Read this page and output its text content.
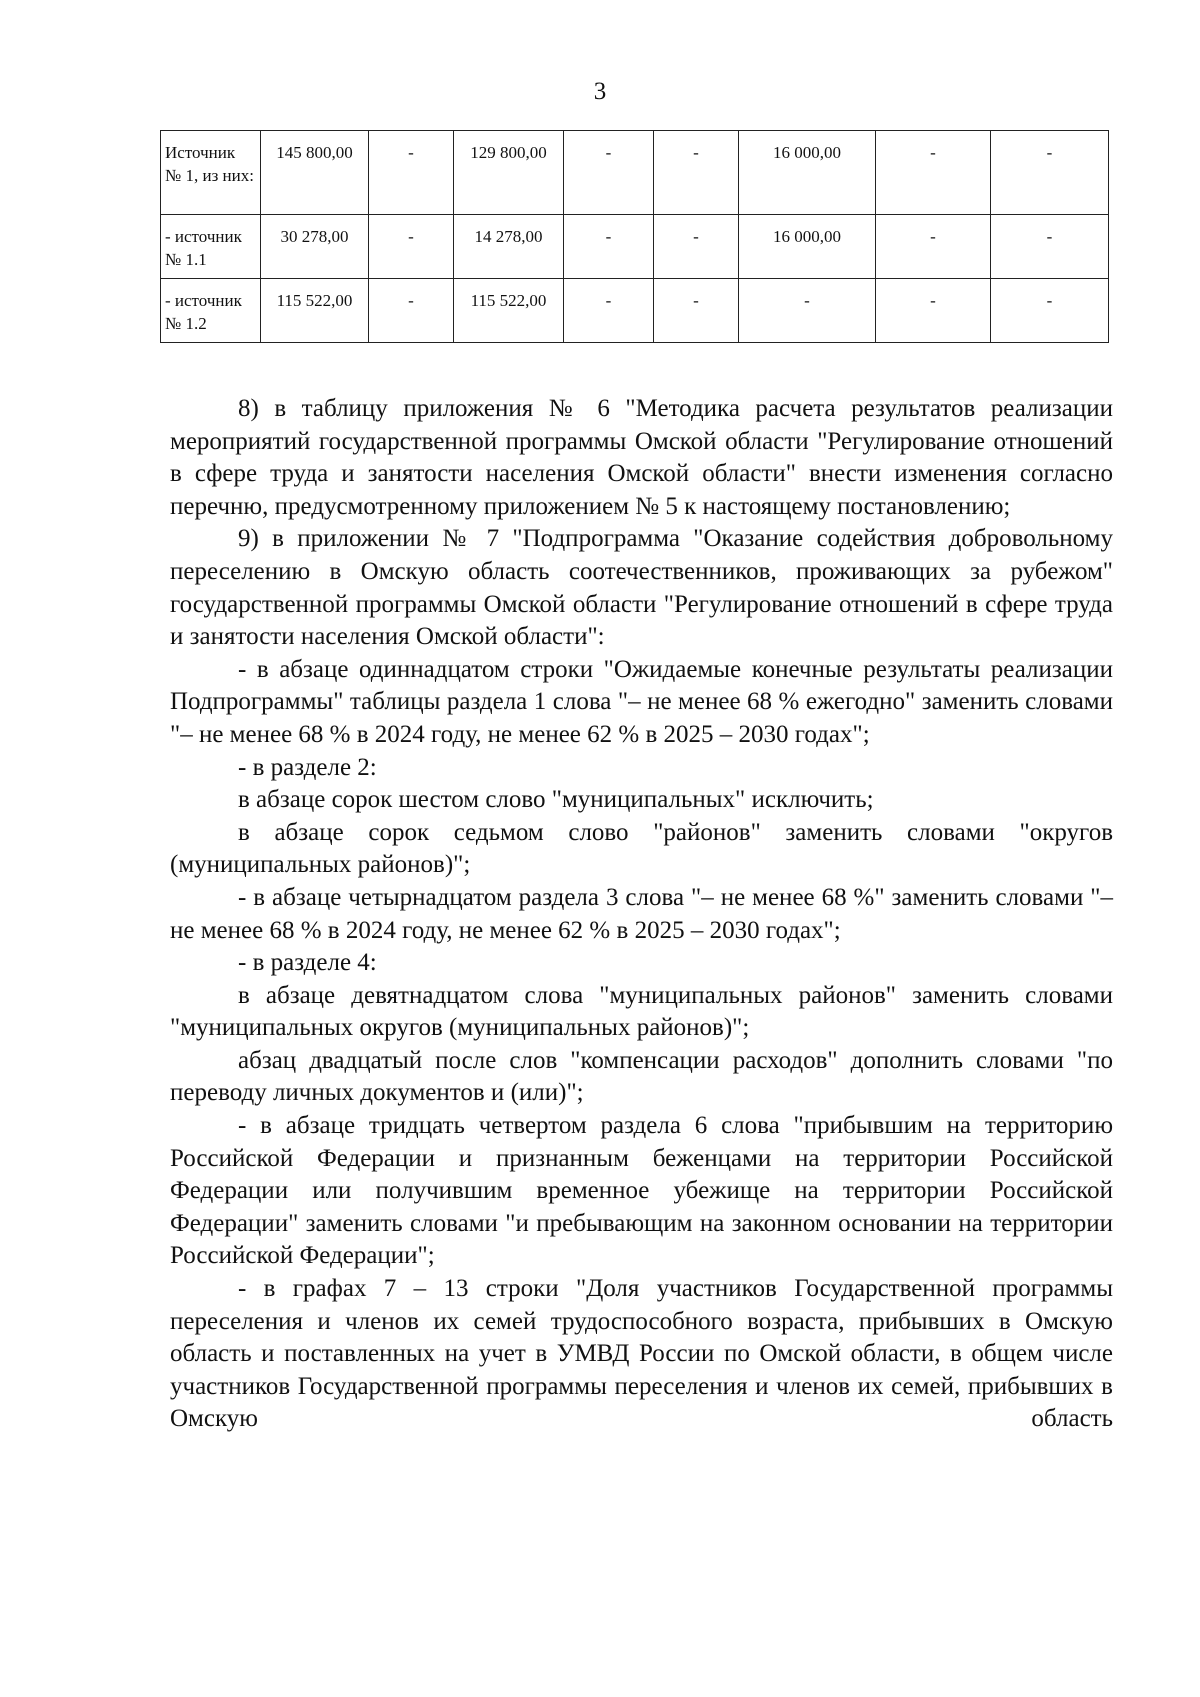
3
Источник № 1, из них:	145 800,00	-	129 800,00	-	-	16 000,00	-	-
- источник № 1.1	30 278,00	-	14 278,00	-	-	16 000,00	-	-
- источник № 1.2	115 522,00	-	115 522,00	-	-	-	-	-

8) в таблицу приложения № 6 "Методика расчета результатов реализации мероприятий государственной программы Омской области "Регулирование отношений в сфере труда и занятости населения Омской области" внести изменения согласно перечню, предусмотренному приложением № 5 к настоящему постановлению;

9) в приложении № 7 "Подпрограмма "Оказание содействия добровольному переселению в Омскую область соотечественников, проживающих за рубежом" государственной программы Омской области "Регулирование отношений в сфере труда и занятости населения Омской области":

- в абзаце одиннадцатом строки "Ожидаемые конечные результаты реализации Подпрограммы" таблицы раздела 1 слова "– не менее 68 % ежегодно" заменить словами "– не менее 68 % в 2024 году, не менее 62 % в 2025 – 2030 годах";

- в разделе 2:

в абзаце сорок шестом слово "муниципальных" исключить;

в абзаце сорок седьмом слово "районов" заменить словами "округов (муниципальных районов)";

- в абзаце четырнадцатом раздела 3 слова "– не менее 68 %" заменить словами "– не менее 68 % в 2024 году, не менее 62 % в 2025 – 2030 годах";

- в разделе 4:

в абзаце девятнадцатом слова "муниципальных районов" заменить словами "муниципальных округов (муниципальных районов)";

абзац двадцатый после слов "компенсации расходов" дополнить словами "по переводу личных документов и (или)";

- в абзаце тридцать четвертом раздела 6 слова "прибывшим на территорию Российской Федерации и признанным беженцами на территории Российской Федерации или получившим временное убежище на территории Российской Федерации" заменить словами "и пребывающим на законном основании на территории Российской Федерации";

- в графах 7 – 13 строки "Доля участников Государственной программы переселения и членов их семей трудоспособного возраста, прибывших в Омскую область и поставленных на учет в УМВД России по Омской области, в общем числе участников Государственной программы переселения и членов их семей, прибывших в Омскую область
